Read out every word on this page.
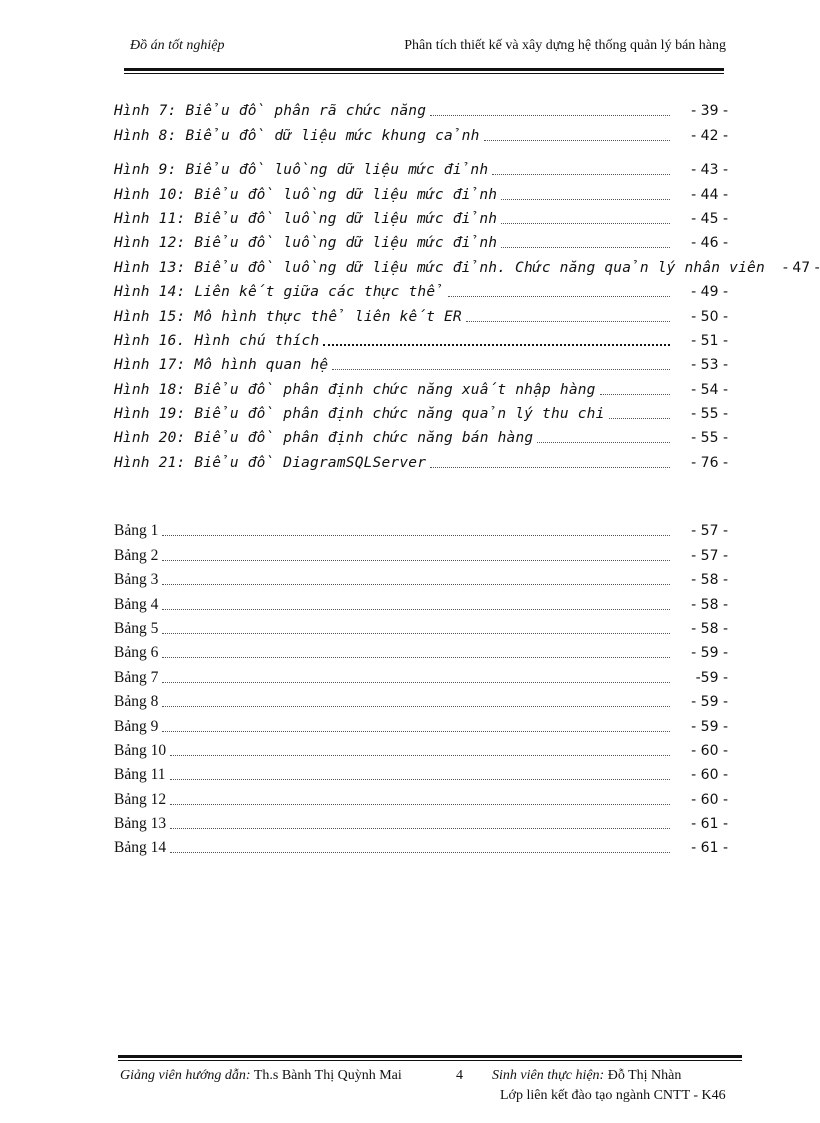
Đồ án tốt nghiệp	Phân tích thiết kế và xây dựng hệ thống quản lý bán hàng
Hình 7: Biểu đồ phân rã chức năng	- 39 -
Hình 8: Biểu đồ dữ liệu mức khung cảnh	- 42 -
Hình 9: Biểu đồ luồng dữ liệu mức đỉnh	- 43 -
Hình 10: Biểu đồ luồng dữ liệu mức đỉnh	- 44 -
Hình 11: Biểu đồ luồng dữ liệu mức đỉnh	- 45 -
Hình 12: Biểu đồ luồng dữ liệu mức đỉnh	- 46 -
Hình 13: Biểu đồ luồng dữ liệu mức đỉnh. Chức năng quản lý nhân viên - 47 -
Hình 14: Liên kết giữa các thực thể	- 49 -
Hình 15: Mô hình thực thể liên kết ER	- 50 -
Hình 16. Hình chú thích	- 51 -
Hình 17: Mô hình quan hệ	- 53 -
Hình 18: Biểu đồ phân định chức năng xuất nhập hàng	- 54 -
Hình 19: Biểu đồ phân định chức năng quản lý thu chi	- 55 -
Hình 20: Biểu đồ phân định chức năng bán hàng	- 55 -
Hình 21: Biểu đồ DiagramSQLServer	- 76 -
Bảng 1	- 57 -
Bảng 2	- 57 -
Bảng 3	- 58 -
Bảng 4	- 58 -
Bảng 5	- 58 -
Bảng 6	- 59 -
Bảng 7	-59 -
Bảng 8	- 59 -
Bảng 9	- 59 -
Bảng 10	- 60 -
Bảng 11	- 60 -
Bảng 12	- 60 -
Bảng 13	- 61 -
Bảng 14	- 61 -
Giảng viên hướng dẫn: Th.s Bành Thị Quỳnh Mai	4 Sinh viên thực hiện: Đỗ Thị Nhàn
Lớp liên kết đào tạo ngành CNTT - K46
